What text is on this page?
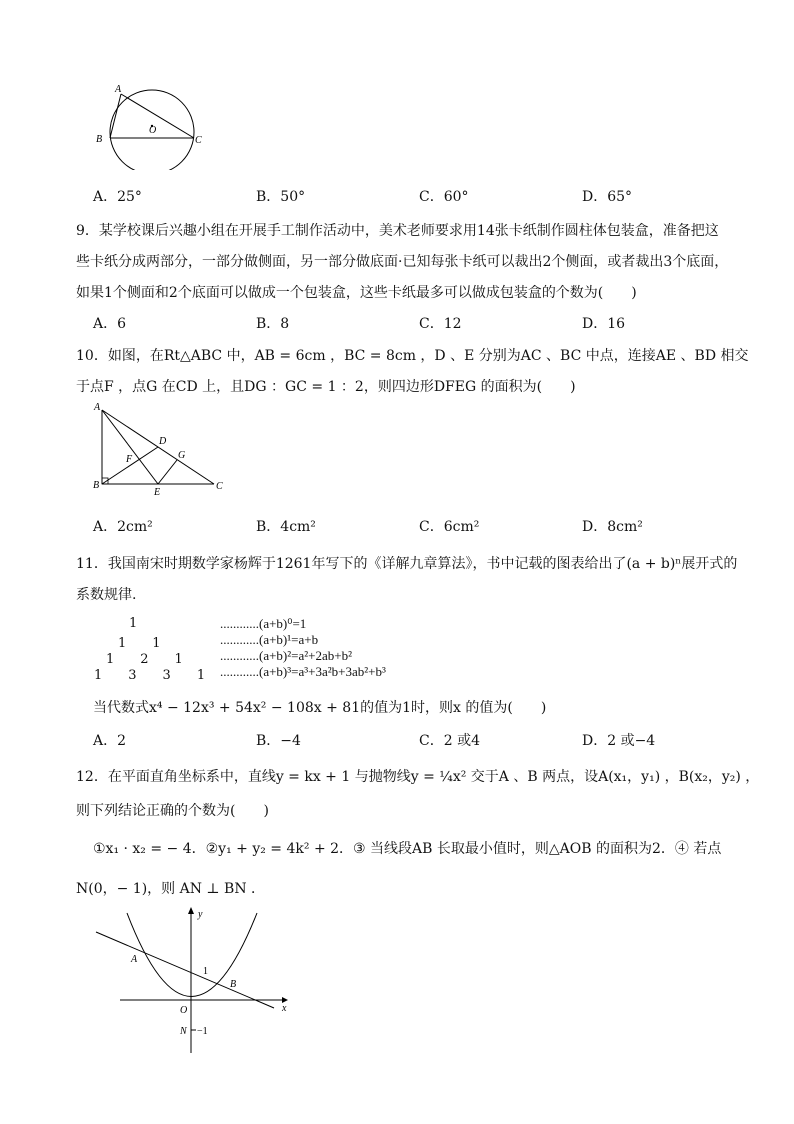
A
B	C
O
A．25°	B．50°	C．60°	D．65°
9．某学校课后兴趣小组在开展手工制作活动中，美术老师要求用14张卡纸制作圆柱体包装盒，准备把这
些卡纸分成两部分，一部分做侧面，另一部分做底面·已知每张卡纸可以裁出2个侧面，或者裁出3个底面，
如果1个侧面和2个底面可以做成一个包装盒，这些卡纸最多可以做成包装盒的个数为(　　)
A．6	B．8	C．12	D．16
10．如图，在Rt△ABC 中，AB = 6cm ，BC = 8cm ，D 、E 分别为AC 、BC 中点，连接AE 、BD 相交
于点F ，点G 在CD 上，且DG ：GC = 1 ：2，则四边形DFEG 的面积为(　　)
A
B	C
D
E
F	G
A．2cm²	B．4cm²	C．6cm²	D．8cm²
11．我国南宋时期数学家杨辉于1261年写下的《详解九章算法》，书中记载的图表给出了(a + b)ⁿ展开式的
系数规律.
1
1　　1
1　　2　　1
1　　3　　3　　1
............(a+b)⁰=1
............(a+b)¹=a+b
............(a+b)²=a²+2ab+b²
............(a+b)³=a³+3a²b+3ab²+b³
当代数式x⁴ − 12x³ + 54x² − 108x + 81的值为1时，则x 的值为(　　)
A．2	B．−4	C．2 或4	D．2 或−4
12．在平面直角坐标系中，直线y = kx + 1 与抛物线y = ¼x² 交于A 、B 两点，设A(x₁，y₁) ，B(x₂，y₂) ，
则下列结论正确的个数为(　　)
①x₁ · x₂ = − 4．②y₁ + y₂ = 4k² + 2．③ 当线段AB 长取最小值时，则△AOB 的面积为2．④ 若点
N(0，− 1)，则 AN ⊥ BN ．
y
x
A
B
O
N
1
−1
